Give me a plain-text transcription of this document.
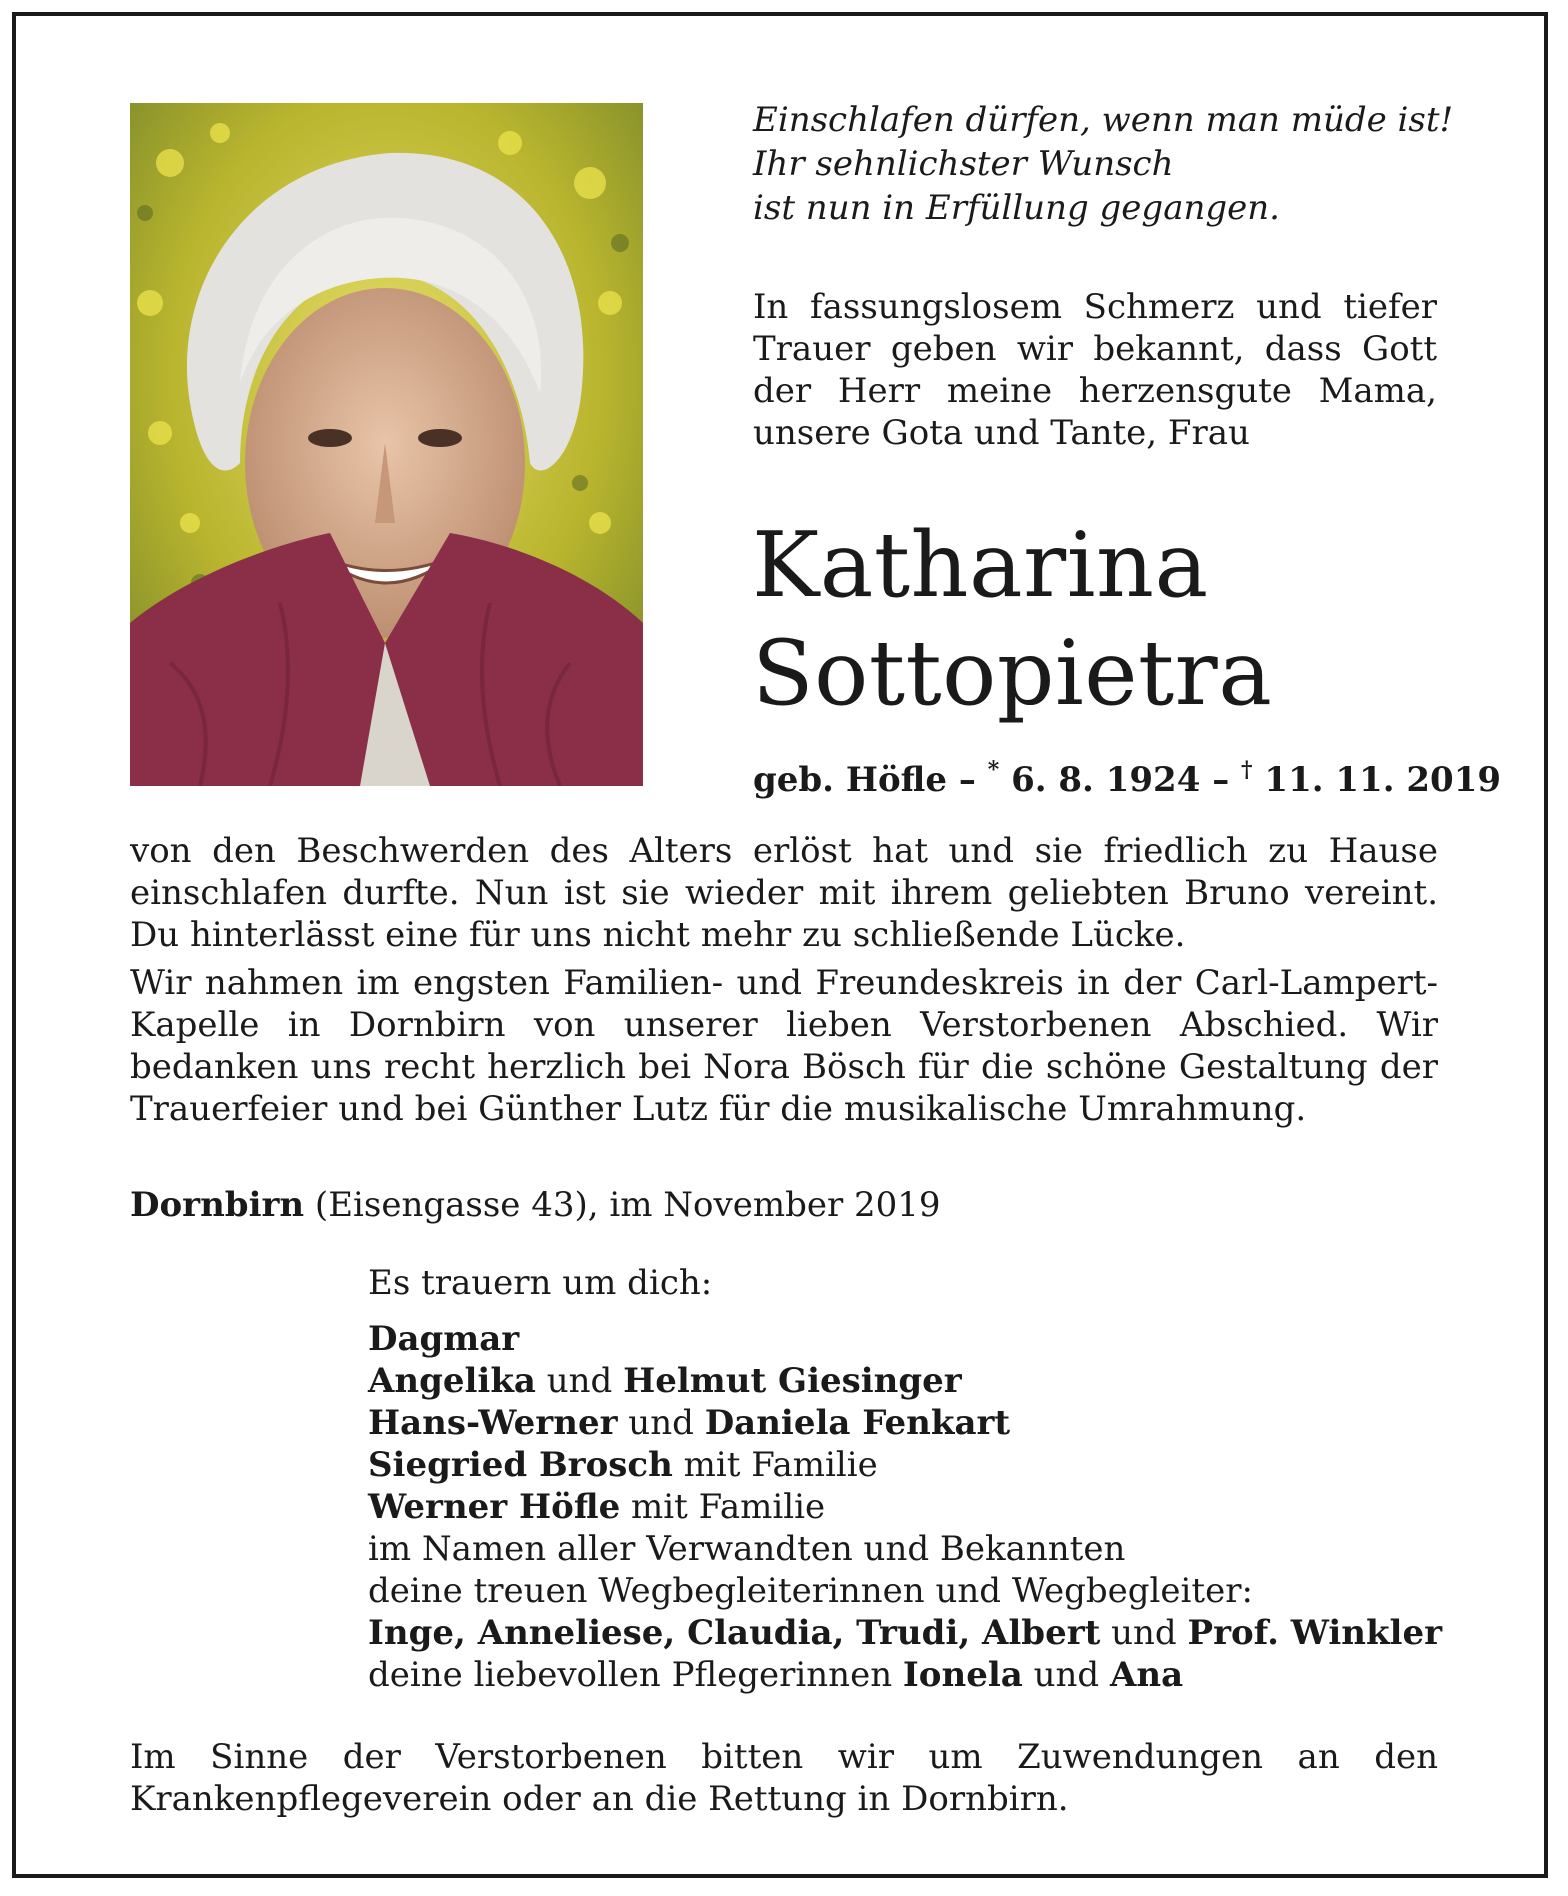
Einschlafen dürfen, wenn man müde ist!
Ihr sehnlichster Wunsch
ist nun in Erfüllung gegangen.
In fassungslosem Schmerz und tiefer Trauer geben wir bekannt, dass Gott der Herr meine herzensgute Mama, unsere Gota und Tante, Frau
Katharina
Sottopietra
geb. Höfle – * 6. 8. 1924 – † 11. 11. 2019

von den Beschwerden des Alters erlöst hat und sie friedlich zu Hause einschlafen durfte. Nun ist sie wieder mit ihrem geliebten Bruno vereint. Du hinterlässt eine für uns nicht mehr zu schließende Lücke.

Wir nahmen im engsten Familien- und Freundeskreis in der Carl-Lampert-Kapelle in Dornbirn von unserer lieben Verstorbenen Abschied. Wir bedanken uns recht herzlich bei Nora Bösch für die schöne Gestaltung der Trauerfeier und bei Günther Lutz für die musikalische Umrahmung.

Dornbirn (Eisengasse 43), im November 2019
Es trauern um dich:
Dagmar
Angelika und Helmut Giesinger
Hans-Werner und Daniela Fenkart
Siegried Brosch mit Familie
Werner Höfle mit Familie
im Namen aller Verwandten und Bekannten
deine treuen Wegbegleiterinnen und Wegbegleiter:
Inge, Anneliese, Claudia, Trudi, Albert und Prof. Winkler
deine liebevollen Pflegerinnen Ionela und Ana
Im Sinne der Verstorbenen bitten wir um Zuwendungen an den Krankenpflegeverein oder an die Rettung in Dornbirn.
